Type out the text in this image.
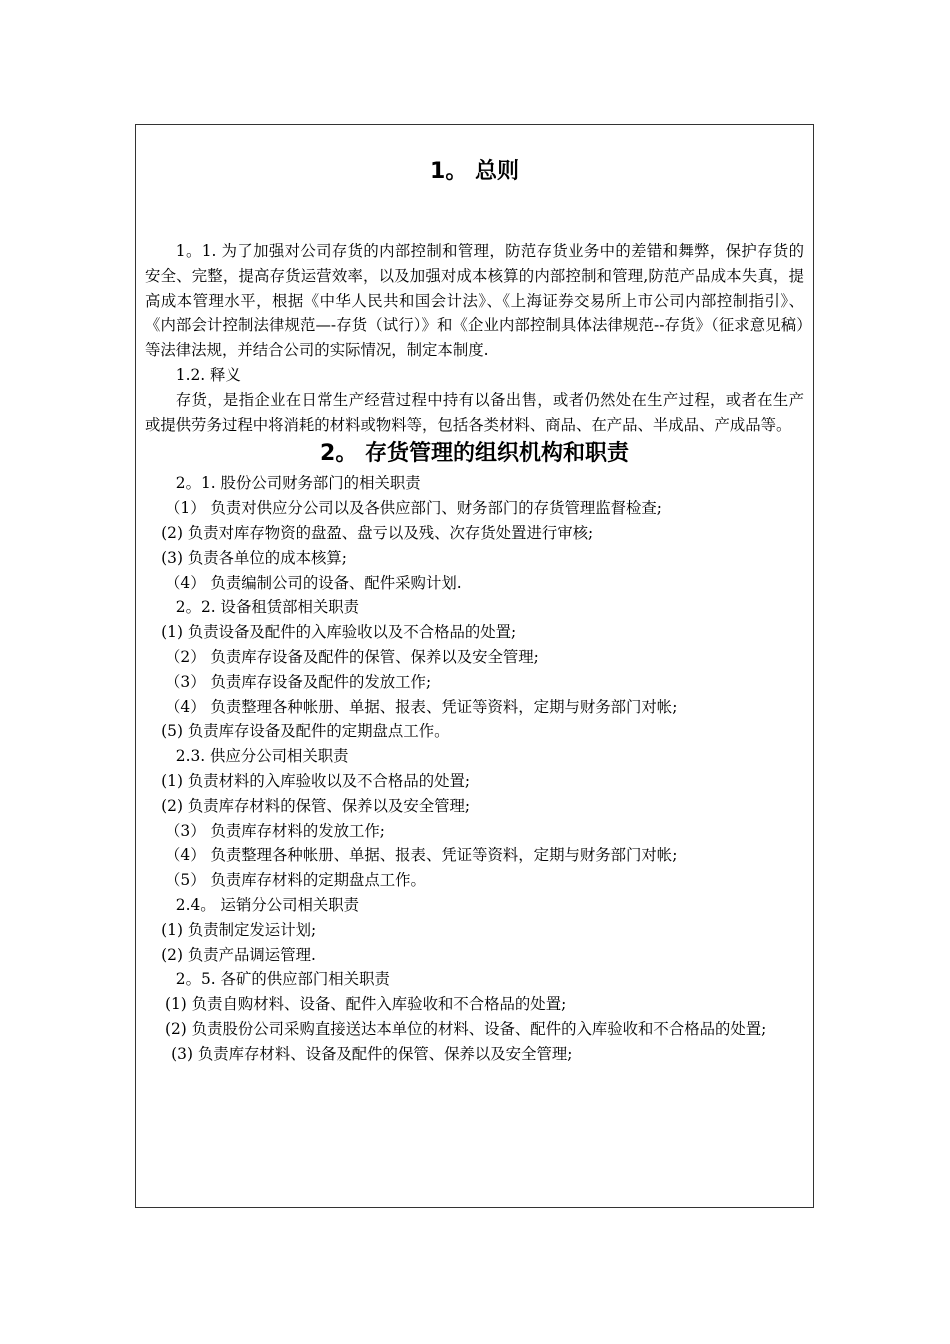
1。 总则

1。1. 为了加强对公司存货的内部控制和管理，防范存货业务中的差错和舞弊，保护存货的安全、完整，提高存货运营效率，以及加强对成本核算的内部控制和管理,防范产品成本失真，提高成本管理水平，根据《中华人民共和国会计法》、《上海证券交易所上市公司内部控制指引》、《内部会计控制法律规范—-存货（试行）》和《企业内部控制具体法律规范--存货》（征求意见稿）等法律法规，并结合公司的实际情况，制定本制度.

1.2. 释义

存货，是指企业在日常生产经营过程中持有以备出售，或者仍然处在生产过程，或者在生产或提供劳务过程中将消耗的材料或物料等，包括各类材料、商品、在产品、半成品、产成品等。

2。 存货管理的组织机构和职责

2。1. 股份公司财务部门的相关职责

（1） 负责对供应分公司以及各供应部门、财务部门的存货管理监督检查;

(2) 负责对库存物资的盘盈、盘亏以及残、次存货处置进行审核;

(3) 负责各单位的成本核算;

（4） 负责编制公司的设备、配件采购计划.

2。2. 设备租赁部相关职责

(1) 负责设备及配件的入库验收以及不合格品的处置;

（2） 负责库存设备及配件的保管、保养以及安全管理;

（3） 负责库存设备及配件的发放工作;

（4） 负责整理各种帐册、单据、报表、凭证等资料，定期与财务部门对帐;

(5) 负责库存设备及配件的定期盘点工作。

2.3. 供应分公司相关职责

(1) 负责材料的入库验收以及不合格品的处置;

(2) 负责库存材料的保管、保养以及安全管理;

（3） 负责库存材料的发放工作;

（4） 负责整理各种帐册、单据、报表、凭证等资料，定期与财务部门对帐;

（5） 负责库存材料的定期盘点工作。

2.4。 运销分公司相关职责

(1) 负责制定发运计划;

(2) 负责产品调运管理.

2。5. 各矿的供应部门相关职责

(1) 负责自购材料、设备、配件入库验收和不合格品的处置;

(2) 负责股份公司采购直接送达本单位的材料、设备、配件的入库验收和不合格品的处置;

(3) 负责库存材料、设备及配件的保管、保养以及安全管理;
